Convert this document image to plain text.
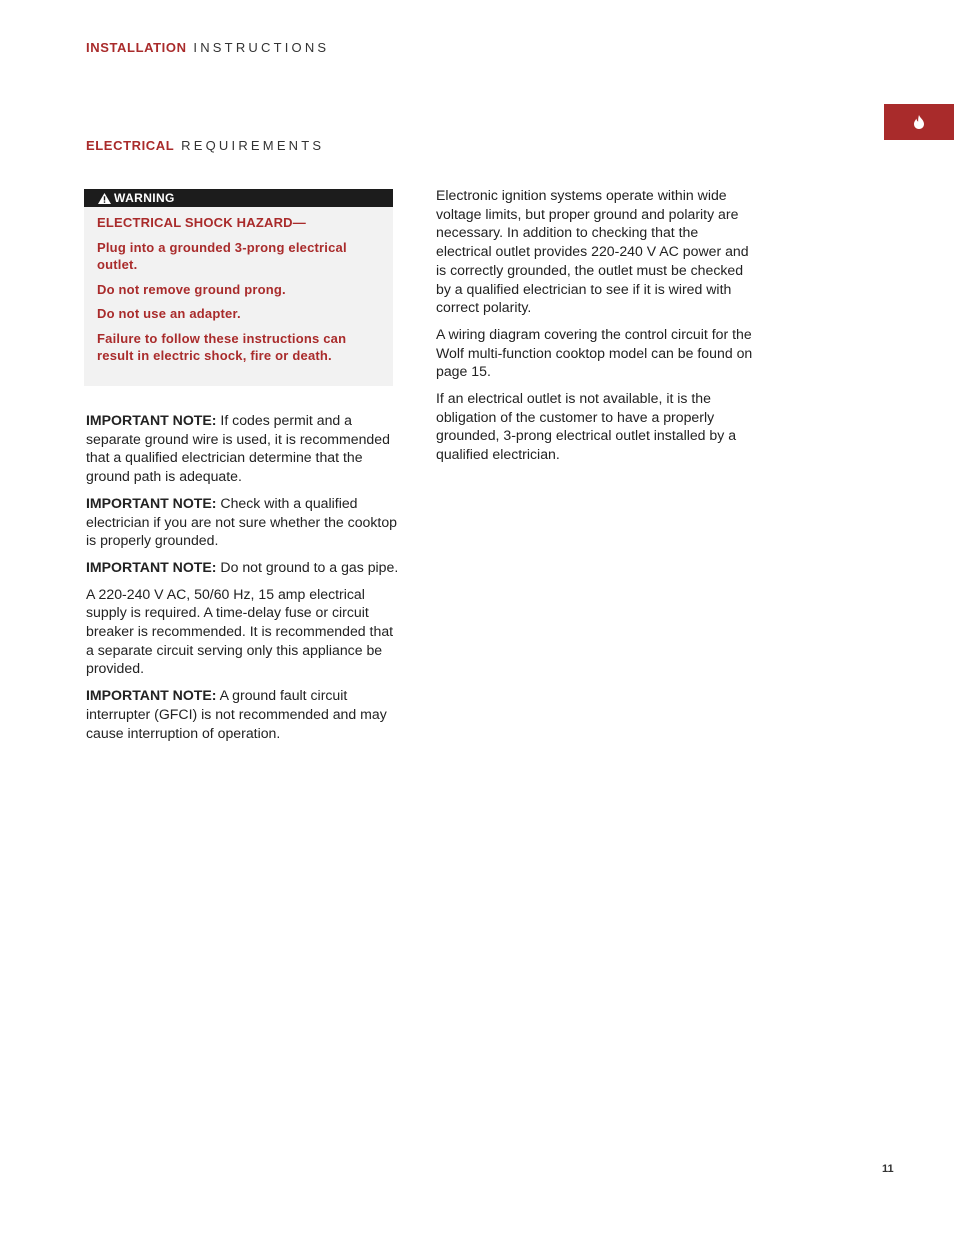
INSTALLATION INSTRUCTIONS
ELECTRICAL REQUIREMENTS
WARNING

ELECTRICAL SHOCK HAZARD—

Plug into a grounded 3-prong electrical outlet.

Do not remove ground prong.

Do not use an adapter.

Failure to follow these instructions can result in electric shock, fire or death.

IMPORTANT NOTE: If codes permit and a separate ground wire is used, it is recommended that a qualified electrician determine that the ground path is adequate.

IMPORTANT NOTE: Check with a qualified electrician if you are not sure whether the cooktop is properly grounded.

IMPORTANT NOTE: Do not ground to a gas pipe.

A 220-240 V AC, 50/60 Hz, 15 amp electrical supply is required. A time-delay fuse or circuit breaker is recommended. It is recommended that a separate circuit serving only this appliance be provided.

IMPORTANT NOTE: A ground fault circuit interrupter (GFCI) is not recommended and may cause interruption of operation.

Electronic ignition systems operate within wide voltage limits, but proper ground and polarity are necessary. In addition to checking that the electrical outlet provides 220-240 V AC power and is correctly grounded, the outlet must be checked by a qualified electrician to see if it is wired with correct polarity.

A wiring diagram covering the control circuit for the Wolf multi-function cooktop model can be found on page 15.

If an electrical outlet is not available, it is the obligation of the customer to have a properly grounded, 3-prong electrical outlet installed by a qualified electrician.

11
